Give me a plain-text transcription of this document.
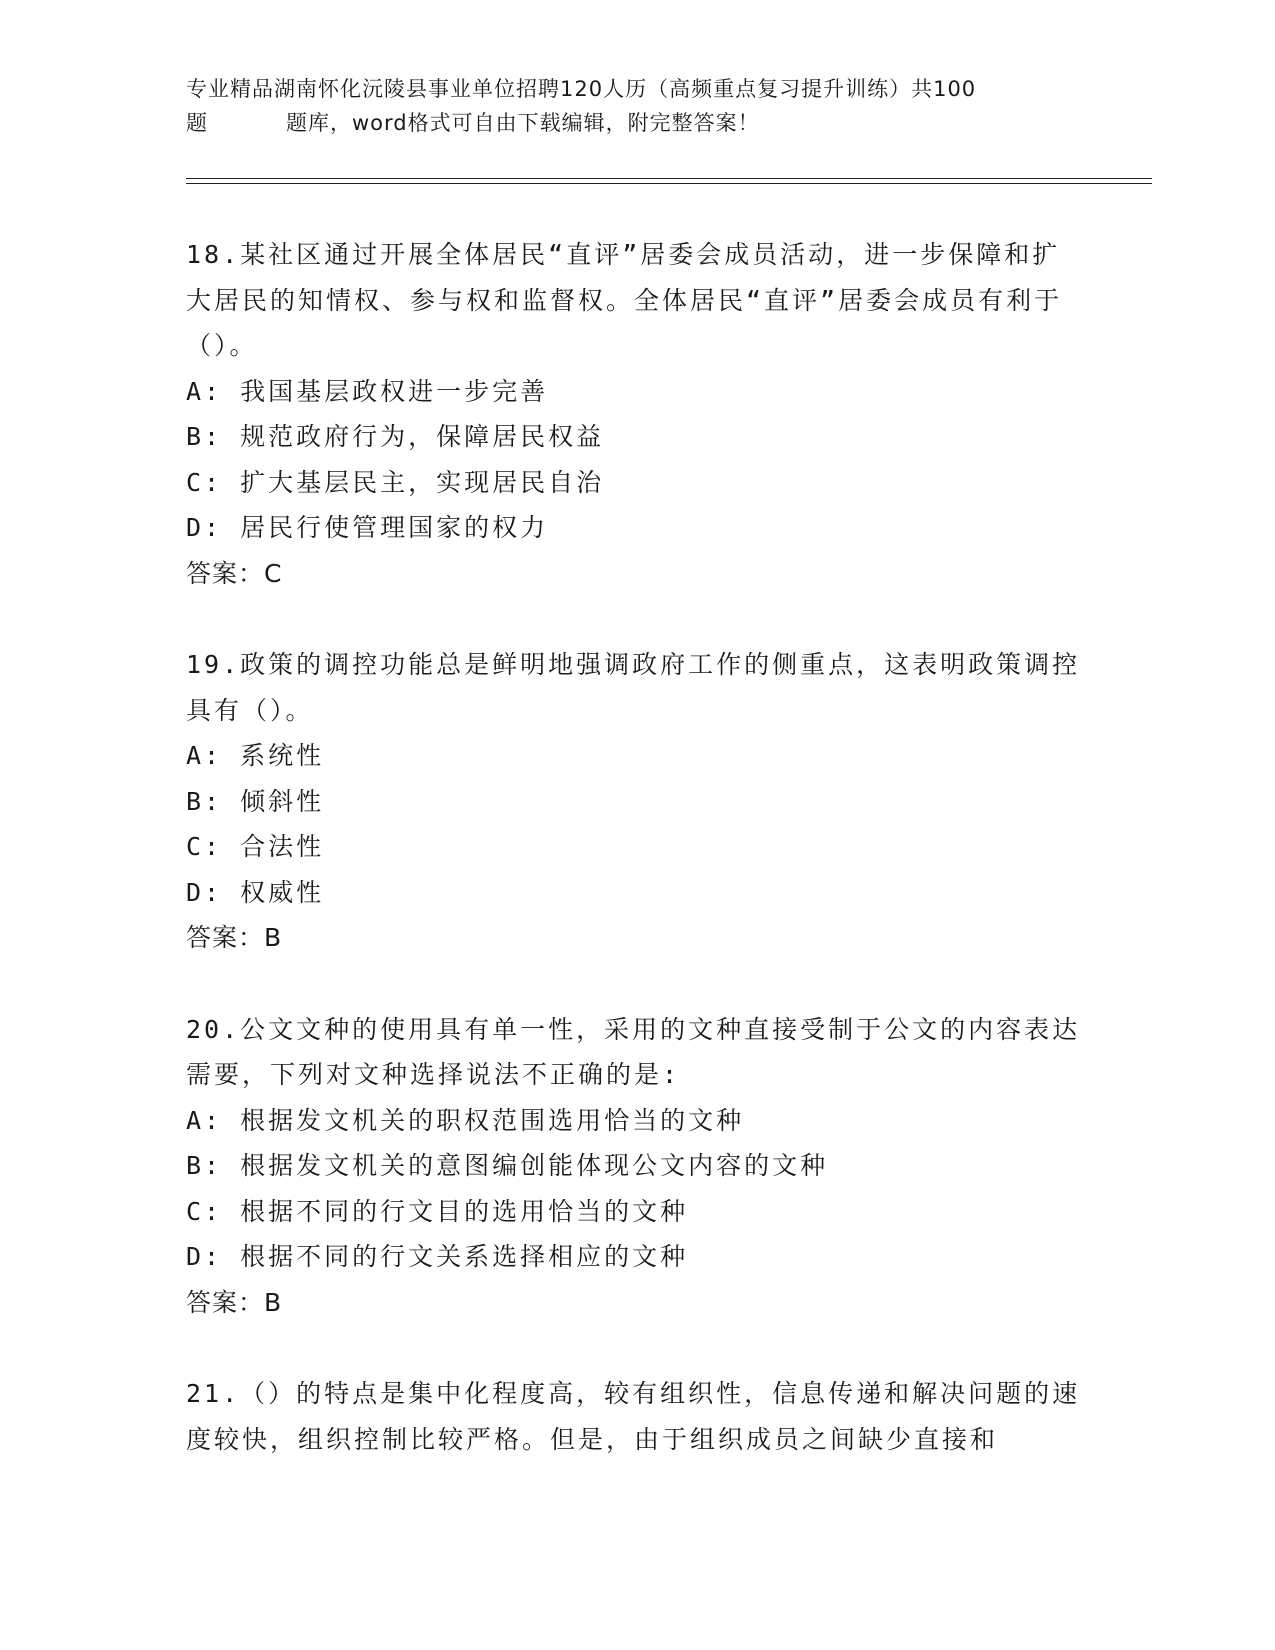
专业精品湖南怀化沅陵县事业单位招聘120人历（高频重点复习提升训练）共100
题	题库，word格式可自由下载编辑，附完整答案！
18.某社区通过开展全体居民“直评”居委会成员活动，进一步保障和扩大居民的知情权、参与权和监督权。全体居民“直评”居委会成员有利于（）。
A: 我国基层政权进一步完善
B: 规范政府行为，保障居民权益
C: 扩大基层民主，实现居民自治
D: 居民行使管理国家的权力
答案：C
19.政策的调控功能总是鲜明地强调政府工作的侧重点，这表明政策调控具有（）。
A: 系统性
B: 倾斜性
C: 合法性
D: 权威性
答案：B
20.公文文种的使用具有单一性，采用的文种直接受制于公文的内容表达需要，下列对文种选择说法不正确的是:
A: 根据发文机关的职权范围选用恰当的文种
B: 根据发文机关的意图编创能体现公文内容的文种
C: 根据不同的行文目的选用恰当的文种
D: 根据不同的行文关系选择相应的文种
答案：B
21.（）的特点是集中化程度高，较有组织性，信息传递和解决问题的速度较快，组织控制比较严格。但是，由于组织成员之间缺少直接和
